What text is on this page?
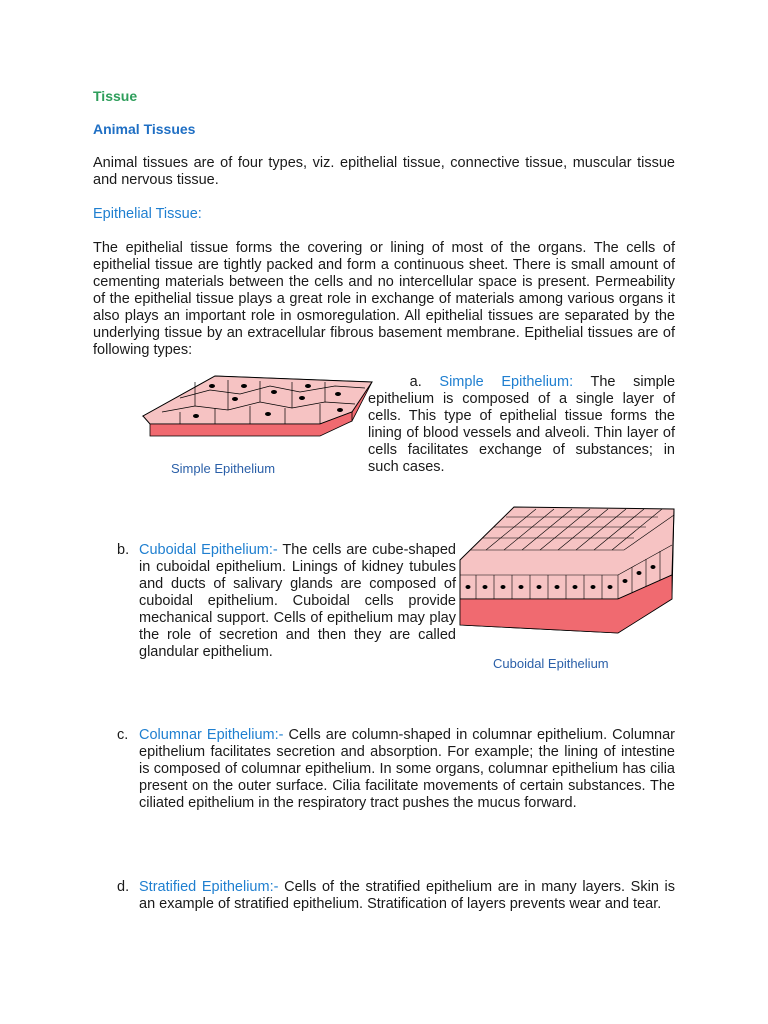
Tissue
Animal Tissues

Animal tissues are of four types, viz. epithelial tissue, connective tissue, muscular tissue and nervous tissue.

Epithelial Tissue:

The epithelial tissue forms the covering or lining of most of the organs. The cells of epithelial tissue are tightly packed and form a continuous sheet. There is small amount of cementing materials between the cells and no intercellular space is present. Permeability of the epithelial tissue plays a great role in exchange of materials among various organs it also plays an important role in osmoregulation. All epithelial tissues are separated by the underlying tissue by an extracellular fibrous basement membrane. Epithelial tissues are of following types:

Simple Epithelium

a. Simple Epithelium: The simple epithelium is composed of a single layer of cells. This type of epithelial tissue forms the lining of blood vessels and alveoli. Thin layer of cells facilitates exchange of substances; in such cases.

b. Cuboidal Epithelium:- The cells are cube-shaped in cuboidal epithelium. Linings of kidney tubules and ducts of salivary glands are composed of cuboidal epithelium. Cuboidal cells provide mechanical support. Cells of epithelium may play the role of secretion and then they are called glandular epithelium.

Cuboidal Epithelium
c. Columnar Epithelium:- Cells are column-shaped in columnar epithelium. Columnar epithelium facilitates secretion and absorption. For example; the lining of intestine is composed of columnar epithelium. In some organs, columnar epithelium has cilia present on the outer surface. Cilia facilitate movements of certain substances. The ciliated epithelium in the respiratory tract pushes the mucus forward.

d. Stratified Epithelium:- Cells of the stratified epithelium are in many layers. Skin is an example of stratified epithelium. Stratification of layers prevents wear and tear.
